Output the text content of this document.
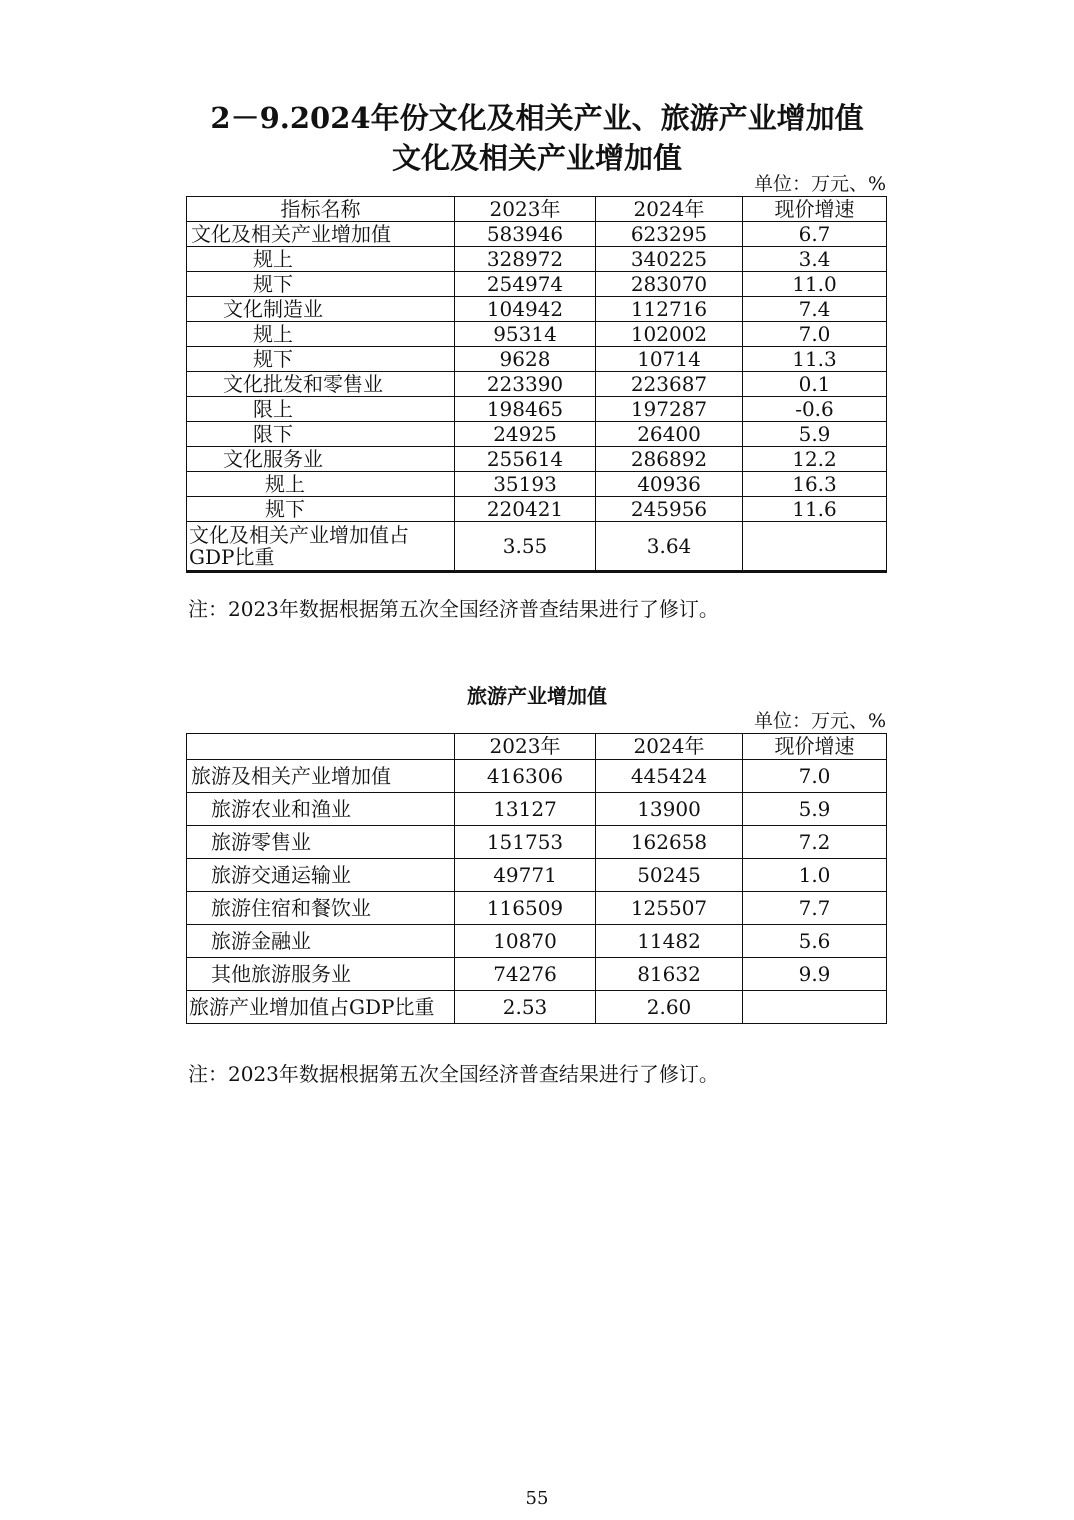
2－9.2024年份文化及相关产业、旅游产业增加值
文化及相关产业增加值
单位：万元、%
指标名称	2023年	2024年	现价增速
文化及相关产业增加值	583946	623295	6.7
规上	328972	340225	3.4
规下	254974	283070	11.0
文化制造业	104942	112716	7.4
规上	95314	102002	7.0
规下	9628	10714	11.3
文化批发和零售业	223390	223687	0.1
限上	198465	197287	-0.6
限下	24925	26400	5.9
文化服务业	255614	286892	12.2
规上	35193	40936	16.3
规下	220421	245956	11.6
文化及相关产业增加值占GDP比重	3.55	3.64	
注：2023年数据根据第五次全国经济普查结果进行了修订。
旅游产业增加值
单位：万元、%
	2023年	2024年	现价增速
旅游及相关产业增加值	416306	445424	7.0
旅游农业和渔业	13127	13900	5.9
旅游零售业	151753	162658	7.2
旅游交通运输业	49771	50245	1.0
旅游住宿和餐饮业	116509	125507	7.7
旅游金融业	10870	11482	5.6
其他旅游服务业	74276	81632	9.9
旅游产业增加值占GDP比重	2.53	2.60	
注：2023年数据根据第五次全国经济普查结果进行了修订。
55
